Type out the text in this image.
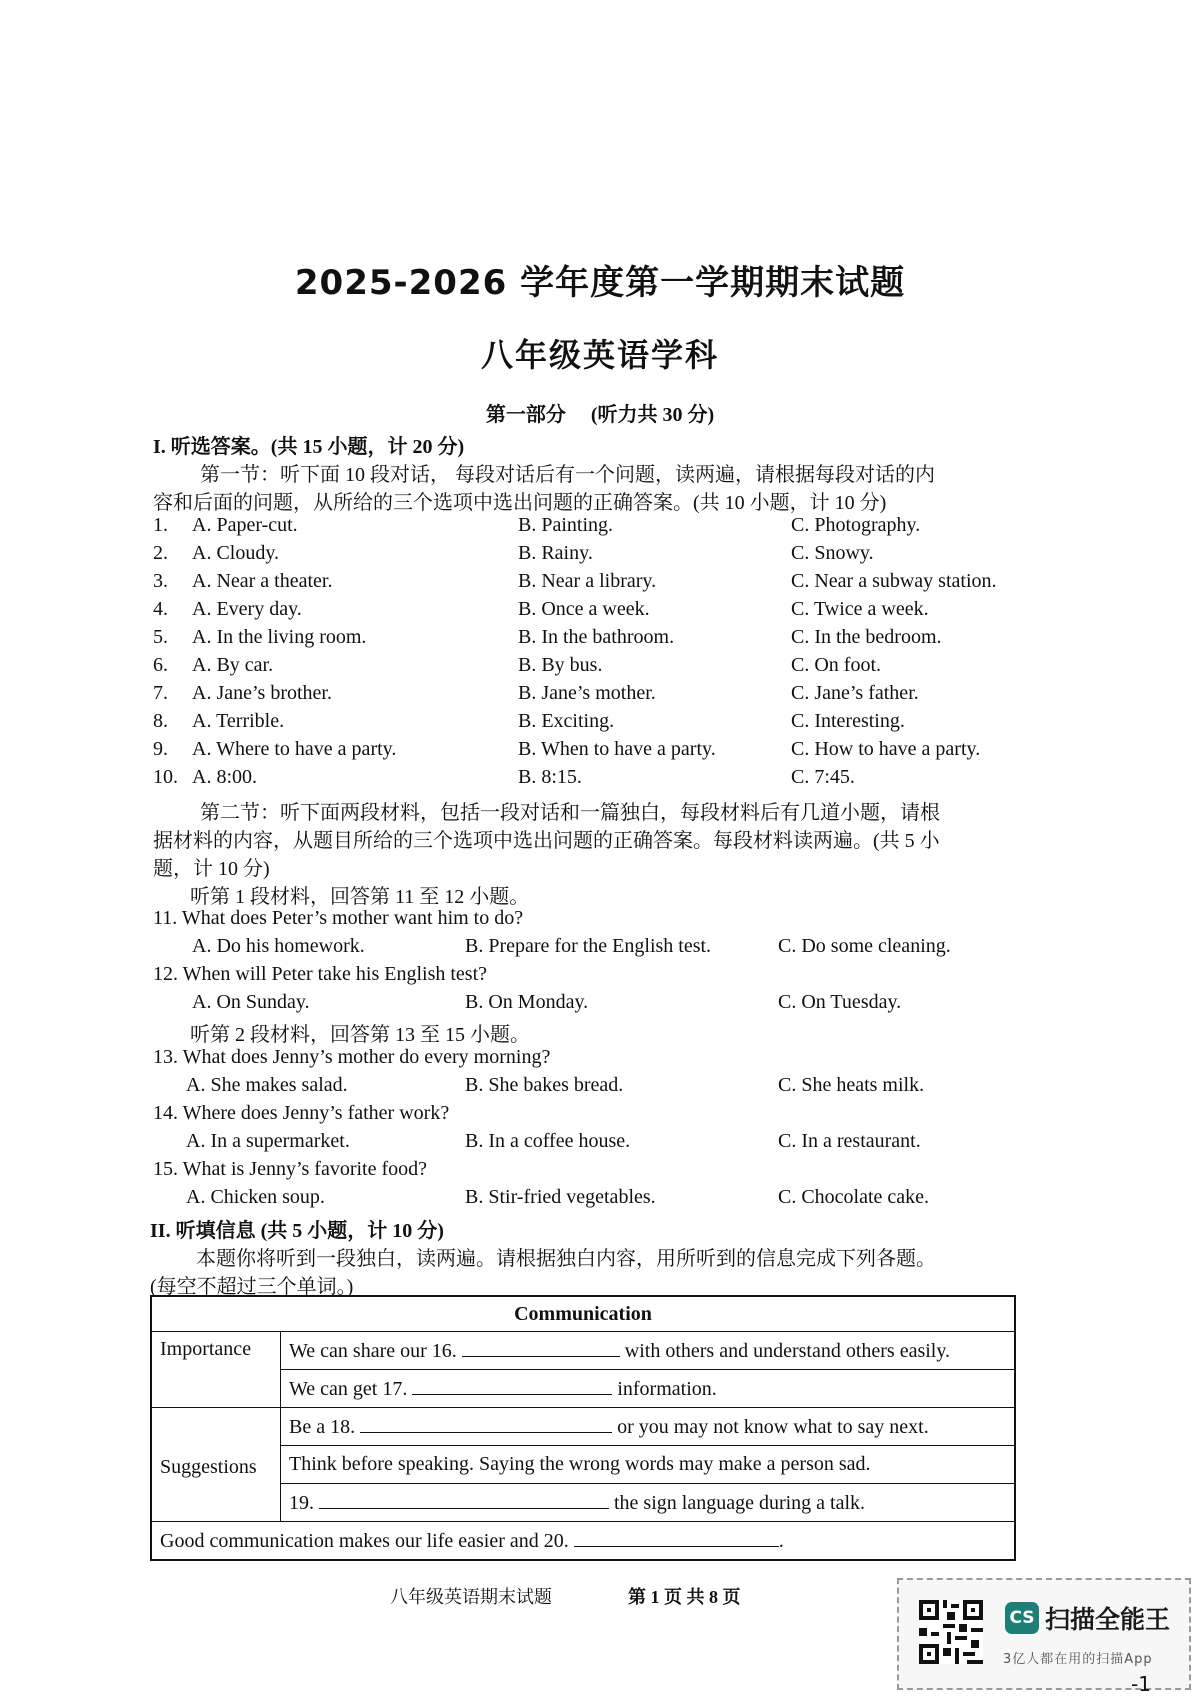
2025-2026 学年度第一学期期末试题
八年级英语学科
第一部分 (听力共 30 分)
I. 听选答案。(共 15 小题，计 20 分)
第一节：听下面 10 段对话， 每段对话后有一个问题，读两遍，请根据每段对话的内
容和后面的问题，从所给的三个选项中选出问题的正确答案。(共 10 小题，计 10 分)
1. A. Paper-cut.	B. Painting.	C. Photography.
2. A. Cloudy.	B. Rainy.	C. Snowy.
3. A. Near a theater.	B. Near a library.	C. Near a subway station.
4. A. Every day.	B. Once a week.	C. Twice a week.
5. A. In the living room.	B. In the bathroom.	C. In the bedroom.
6. A. By car.	B. By bus.	C. On foot.
7. A. Jane’s brother.	B. Jane’s mother.	C. Jane’s father.
8. A. Terrible.	B. Exciting.	C. Interesting.
9. A. Where to have a party.	B. When to have a party.	C. How to have a party.
10. A. 8:00.	B. 8:15.	C. 7:45.
第二节：听下面两段材料，包括一段对话和一篇独白，每段材料后有几道小题，请根
据材料的内容，从题目所给的三个选项中选出问题的正确答案。每段材料读两遍。(共 5 小
题，计 10 分)
听第 1 段材料，回答第 11 至 12 小题。
11. What does Peter’s mother want him to do?
A. Do his homework.	B. Prepare for the English test.	C. Do some cleaning.
12. When will Peter take his English test?
A. On Sunday.	B. On Monday.	C. On Tuesday.
听第 2 段材料，回答第 13 至 15 小题。
13. What does Jenny’s mother do every morning?
A. She makes salad.	B. She bakes bread.	C. She heats milk.
14. Where does Jenny’s father work?
A. In a supermarket.	B. In a coffee house.	C. In a restaurant.
15. What is Jenny’s favorite food?
A. Chicken soup.	B. Stir-fried vegetables.	C. Chocolate cake.
II. 听填信息 (共 5 小题，计 10 分)
本题你将听到一段独白，读两遍。请根据独白内容，用所听到的信息完成下列各题。
(每空不超过三个单词。)
Communication	
Importance	We can share our 16. with others and understand others easily.
	We can get 17. information.
Suggestions	Be a 18. or you may not know what to say next.
	Think before speaking. Saying the wrong words may make a person sad.
	19. the sign language during a talk.
Good communication makes our life easier and 20. .	
八年级英语期末试题	第 1 页 共 8 页
CS 扫描全能王
3亿人都在用的扫描App
-1
